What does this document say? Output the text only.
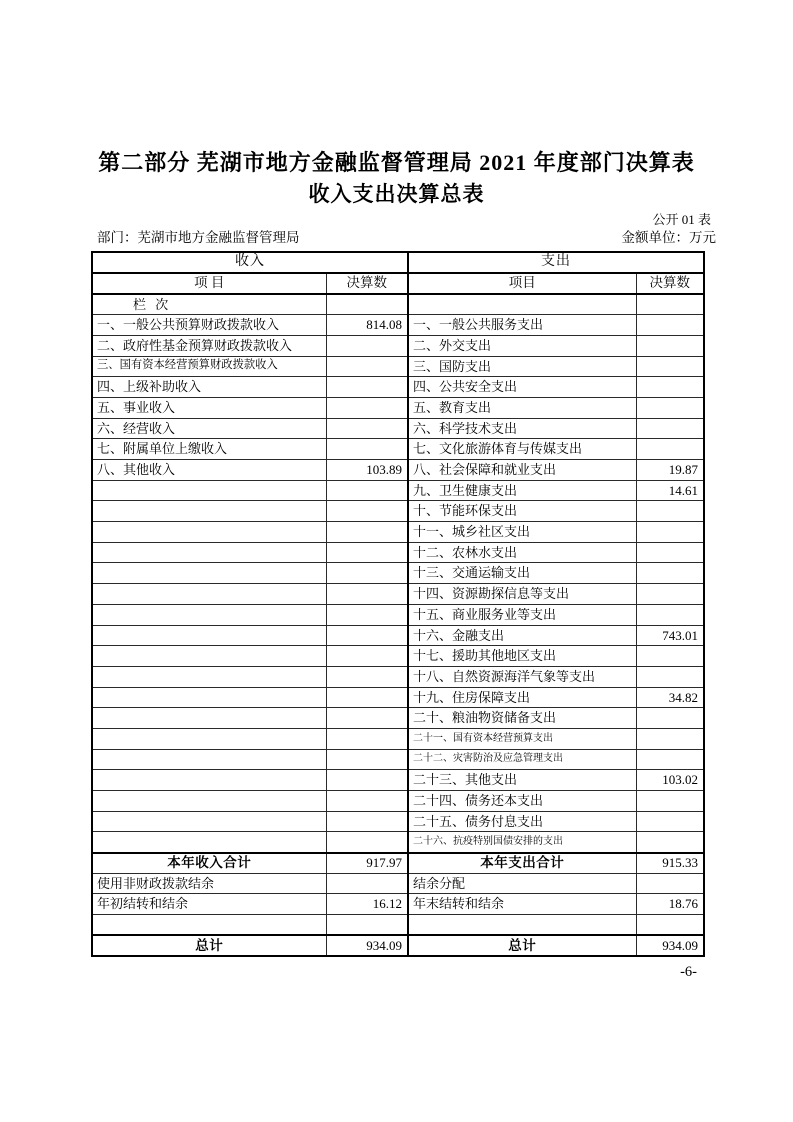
第二部分 芜湖市地方金融监督管理局 2021 年度部门决算表
收入支出决算总表
公开 01 表
部门：芜湖市地方金融监督管理局	金额单位：万元
收入		支出	
项 目	决算数	项目	决算数
栏 次			
一、一般公共预算财政拨款收入	814.08	一、一般公共服务支出	
二、政府性基金预算财政拨款收入		二、外交支出	
三、国有资本经营预算财政拨款收入		三、国防支出	
四、上级补助收入		四、公共安全支出	
五、事业收入		五、教育支出	
六、经营收入		六、科学技术支出	
七、附属单位上缴收入		七、文化旅游体育与传媒支出	
八、其他收入	103.89	八、社会保障和就业支出	19.87
		九、卫生健康支出	14.61
		十、节能环保支出	
		十一、城乡社区支出	
		十二、农林水支出	
		十三、交通运输支出	
		十四、资源勘探信息等支出	
		十五、商业服务业等支出	
		十六、金融支出	743.01
		十七、援助其他地区支出	
		十八、自然资源海洋气象等支出	
		十九、住房保障支出	34.82
		二十、粮油物资储备支出	
		二十一、国有资本经营预算支出	
		二十二、灾害防治及应急管理支出	
		二十三、其他支出	103.02
		二十四、债务还本支出	
		二十五、债务付息支出	
		二十六、抗疫特别国债安排的支出	
本年收入合计	917.97	本年支出合计	915.33
使用非财政拨款结余		结余分配	
年初结转和结余	16.12	年末结转和结余	18.76

总计	934.09	总计	934.09
-6-
